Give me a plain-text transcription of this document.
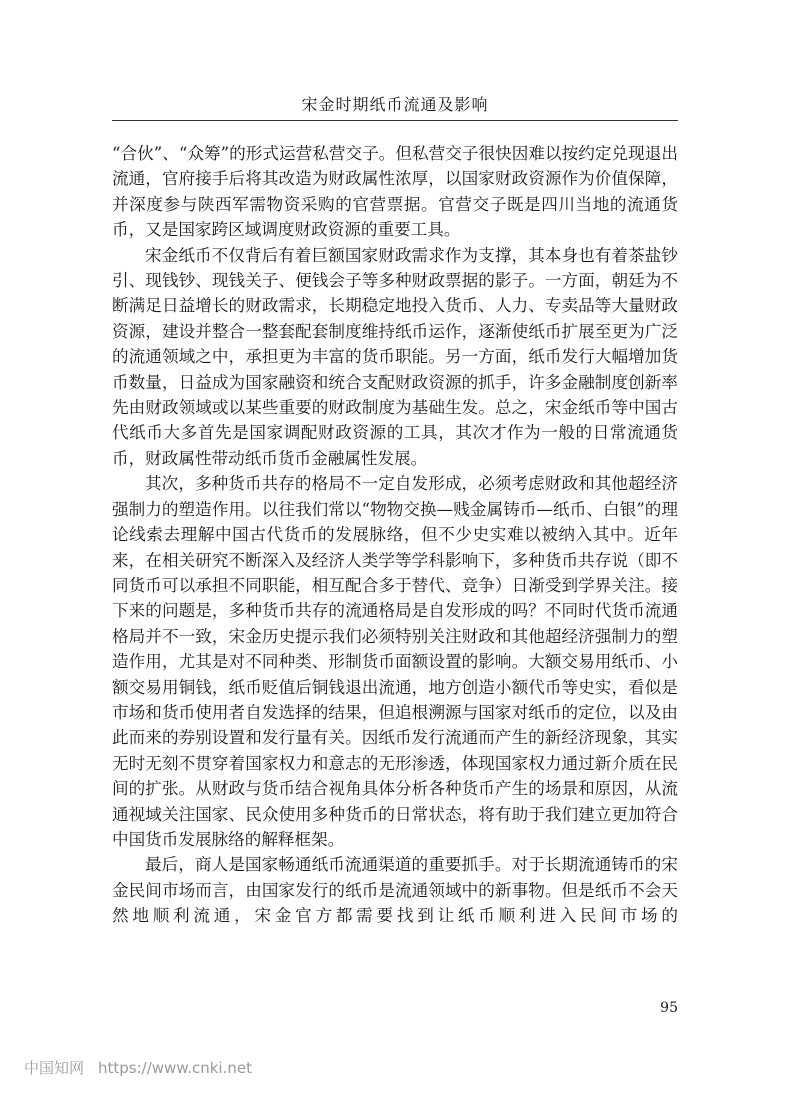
宋金时期纸币流通及影响

“合伙”、“众筹”的形式运营私营交子。但私营交子很快因难以按约定兑现退出流通，官府接手后将其改造为财政属性浓厚，以国家财政资源作为价值保障，并深度参与陕西军需物资采购的官营票据。官营交子既是四川当地的流通货币，又是国家跨区域调度财政资源的重要工具。

宋金纸币不仅背后有着巨额国家财政需求作为支撑，其本身也有着茶盐钞引、现钱钞、现钱关子、便钱会子等多种财政票据的影子。一方面，朝廷为不断满足日益增长的财政需求，长期稳定地投入货币、人力、专卖品等大量财政资源，建设并整合一整套配套制度维持纸币运作，逐渐使纸币扩展至更为广泛的流通领域之中，承担更为丰富的货币职能。另一方面，纸币发行大幅增加货币数量，日益成为国家融资和统合支配财政资源的抓手，许多金融制度创新率先由财政领域或以某些重要的财政制度为基础生发。总之，宋金纸币等中国古代纸币大多首先是国家调配财政资源的工具，其次才作为一般的日常流通货币，财政属性带动纸币货币金融属性发展。

其次，多种货币共存的格局不一定自发形成，必须考虑财政和其他超经济强制力的塑造作用。以往我们常以“物物交换—贱金属铸币—纸币、白银”的理论线索去理解中国古代货币的发展脉络，但不少史实难以被纳入其中。近年来，在相关研究不断深入及经济人类学等学科影响下，多种货币共存说（即不同货币可以承担不同职能，相互配合多于替代、竞争）日渐受到学界关注。接下来的问题是，多种货币共存的流通格局是自发形成的吗？不同时代货币流通格局并不一致，宋金历史提示我们必须特别关注财政和其他超经济强制力的塑造作用，尤其是对不同种类、形制货币面额设置的影响。大额交易用纸币、小额交易用铜钱，纸币贬值后铜钱退出流通，地方创造小额代币等史实，看似是市场和货币使用者自发选择的结果，但追根溯源与国家对纸币的定位，以及由此而来的券别设置和发行量有关。因纸币发行流通而产生的新经济现象，其实无时无刻不贯穿着国家权力和意志的无形渗透，体现国家权力通过新介质在民间的扩张。从财政与货币结合视角具体分析各种货币产生的场景和原因，从流通视域关注国家、民众使用多种货币的日常状态，将有助于我们建立更加符合中国货币发展脉络的解释框架。

最后，商人是国家畅通纸币流通渠道的重要抓手。对于长期流通铸币的宋金民间市场而言，由国家发行的纸币是流通领域中的新事物。但是纸币不会天然地顺利流通，宋金官方都需要找到让纸币顺利进入民间市场的

95
中国知网 https://www.cnki.net
